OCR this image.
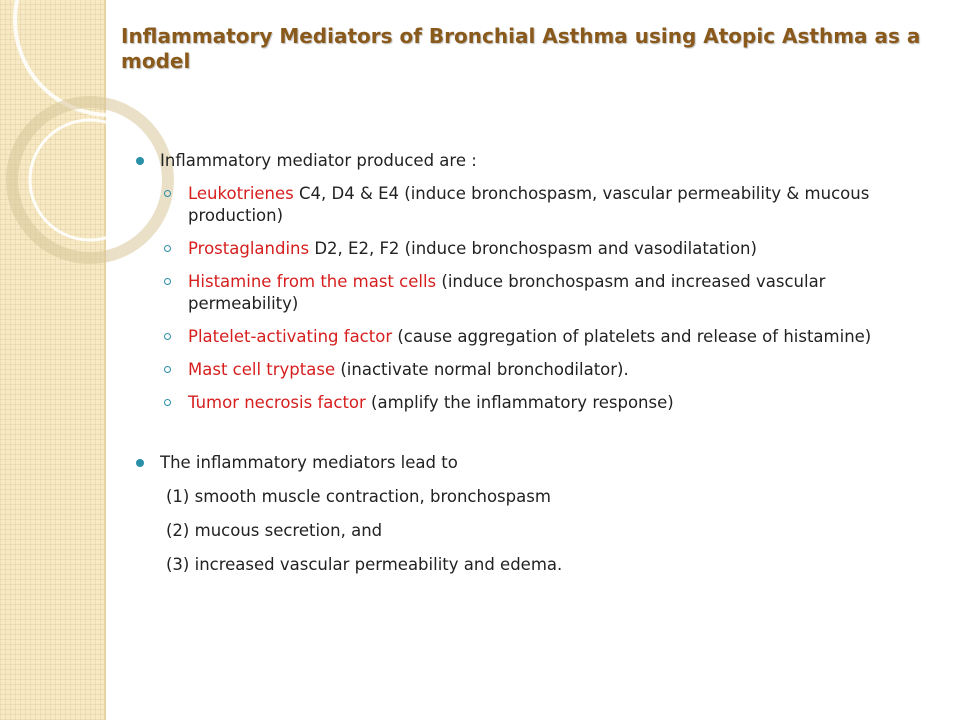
Inflammatory Mediators of Bronchial Asthma using Atopic Asthma as a model
Inflammatory mediator produced are :
Leukotrienes C4, D4 & E4 (induce bronchospasm, vascular permeability & mucous production)
Prostaglandins D2, E2, F2 (induce bronchospasm and vasodilatation)
Histamine from the mast cells (induce bronchospasm and increased vascular permeability)
Platelet-activating factor (cause aggregation of platelets and release of histamine)
Mast cell tryptase (inactivate normal bronchodilator).
Tumor necrosis factor (amplify the inflammatory response)
The inflammatory mediators lead to
(1) smooth muscle contraction, bronchospasm
(2) mucous secretion, and
(3) increased vascular permeability and edema.
